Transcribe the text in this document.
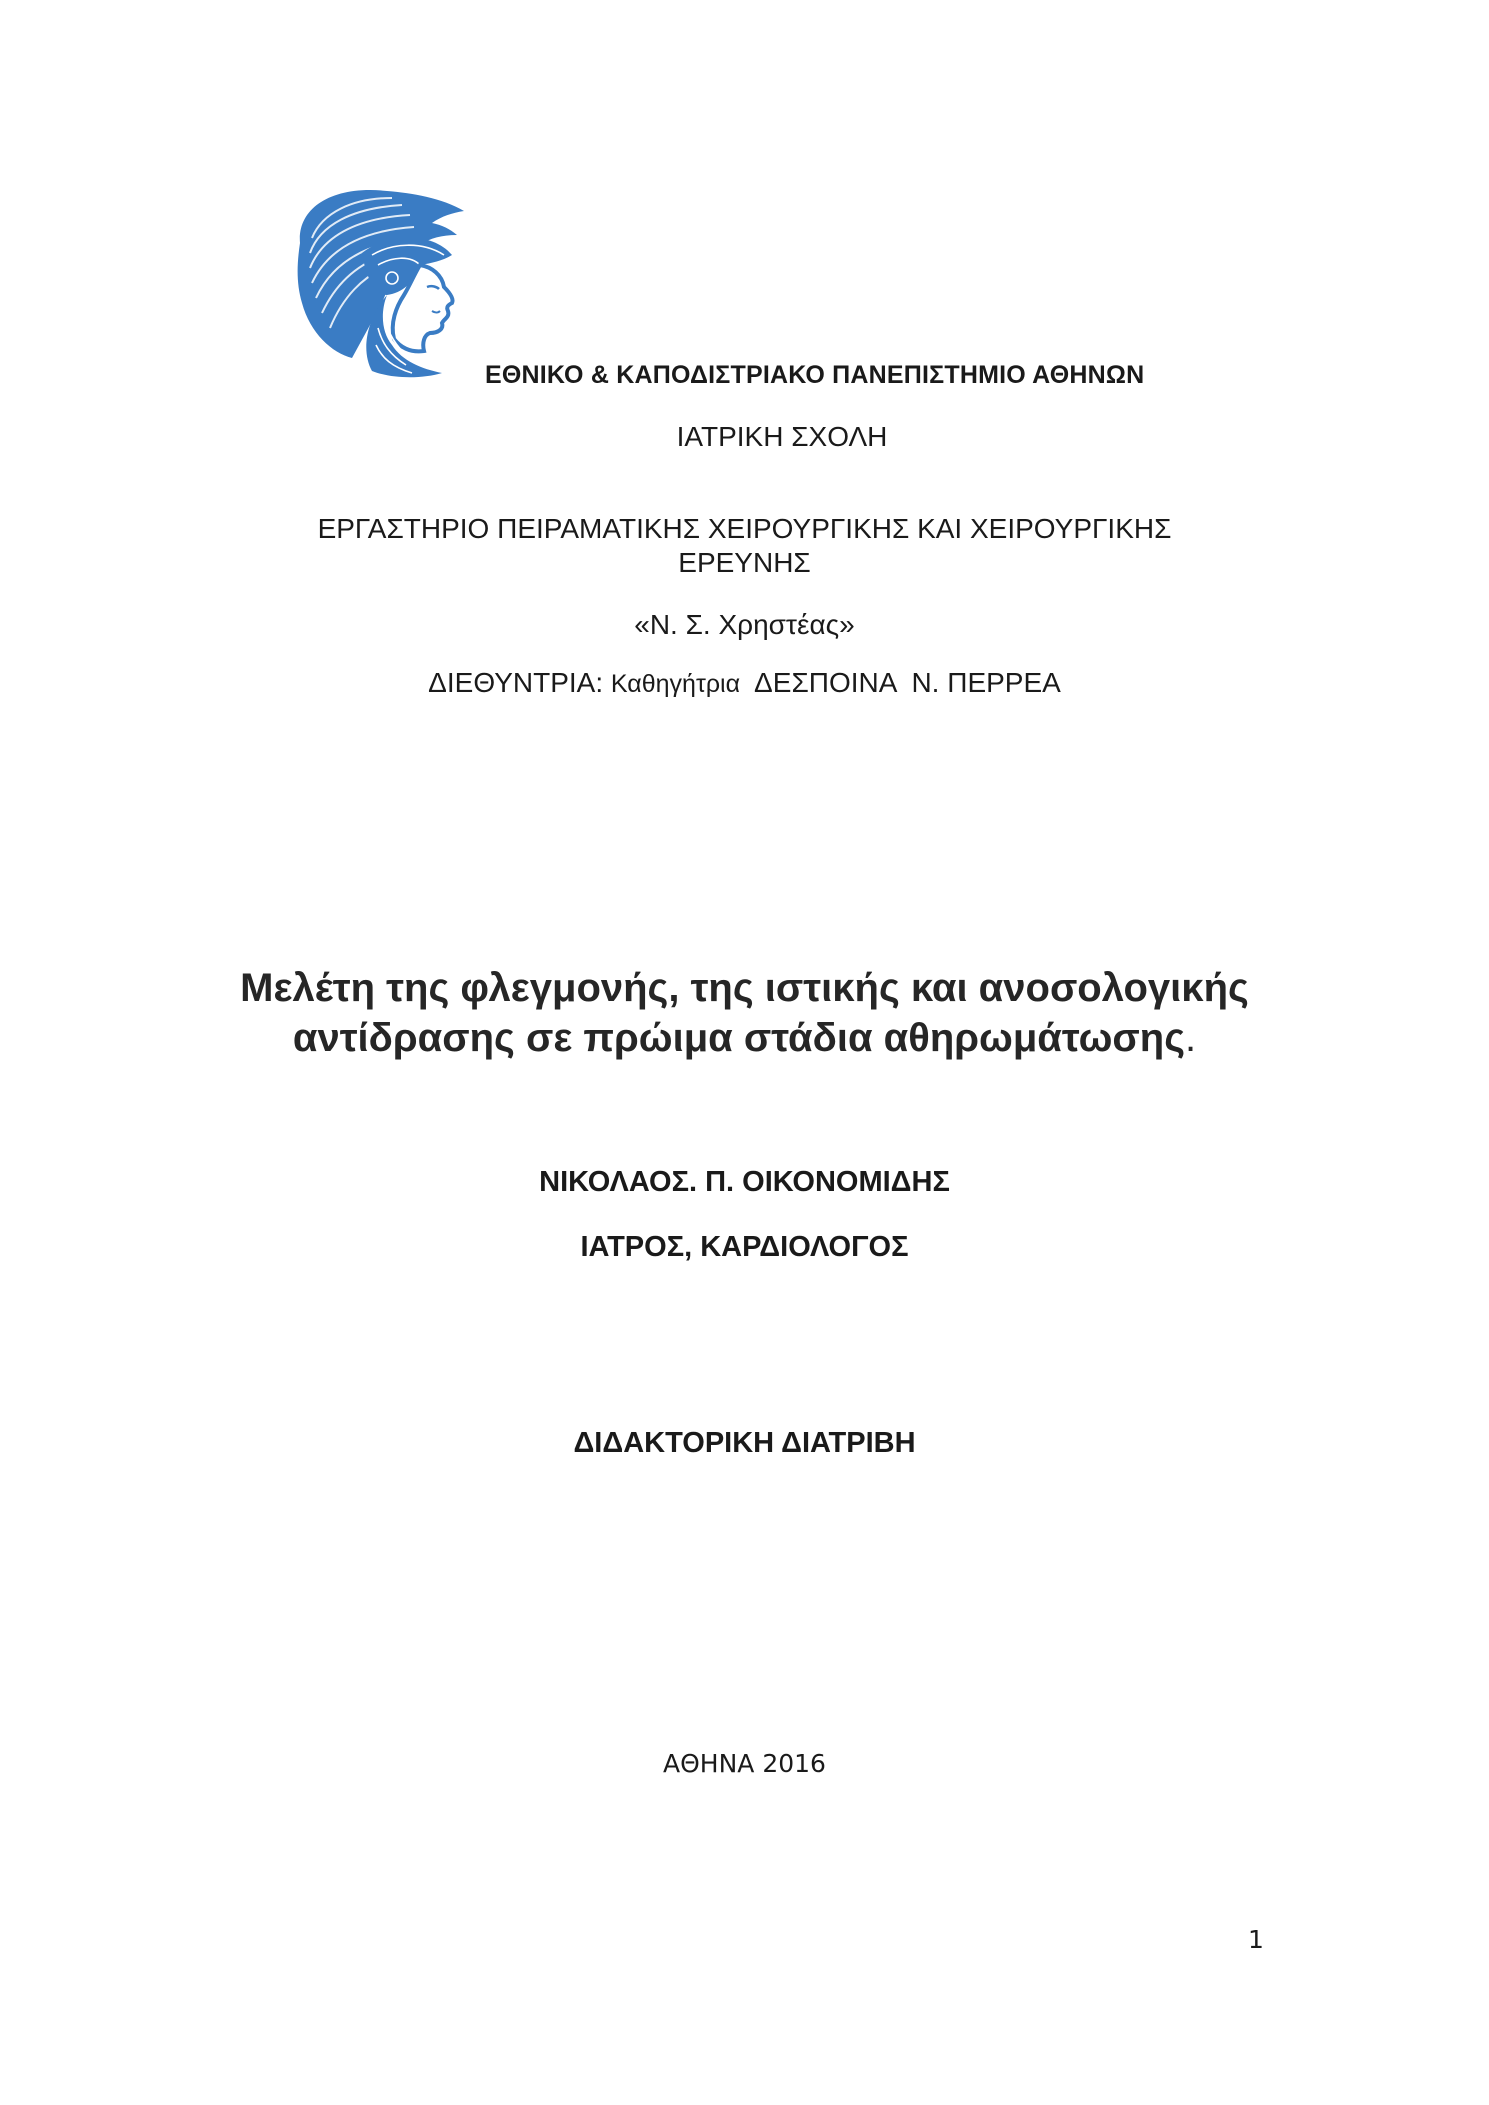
ΕΘΝΙΚΟ & ΚΑΠΟΔΙΣΤΡΙΑΚΟ ΠΑΝΕΠΙΣΤΗΜΙΟ ΑΘΗΝΩΝ
ΙΑΤΡΙΚΗ ΣΧΟΛΗ
ΕΡΓΑΣΤΗΡΙΟ ΠΕΙΡΑΜΑΤΙΚΗΣ ΧΕΙΡΟΥΡΓΙΚΗΣ ΚΑΙ ΧΕΙΡΟΥΡΓΙΚΗΣ
ΕΡΕΥΝΗΣ
«Ν. Σ. Χρηστέας»
ΔΙΕΘΥΝΤΡΙΑ: Καθηγήτρια  ΔΕΣΠΟΙΝΑ  Ν. ΠΕΡΡΕΑ
Μελέτη της φλεγμονής, της ιστικής και ανοσολογικής
αντίδρασης σε πρώιμα στάδια αθηρωμάτωσης.
ΝΙΚΟΛΑΟΣ. Π. ΟΙΚΟΝΟΜΙΔΗΣ
ΙΑΤΡΟΣ, ΚΑΡΔΙΟΛΟΓΟΣ
ΔΙΔΑΚΤΟΡΙΚΗ ΔΙΑΤΡΙΒΗ
ΑΘΗΝΑ 2016
1
